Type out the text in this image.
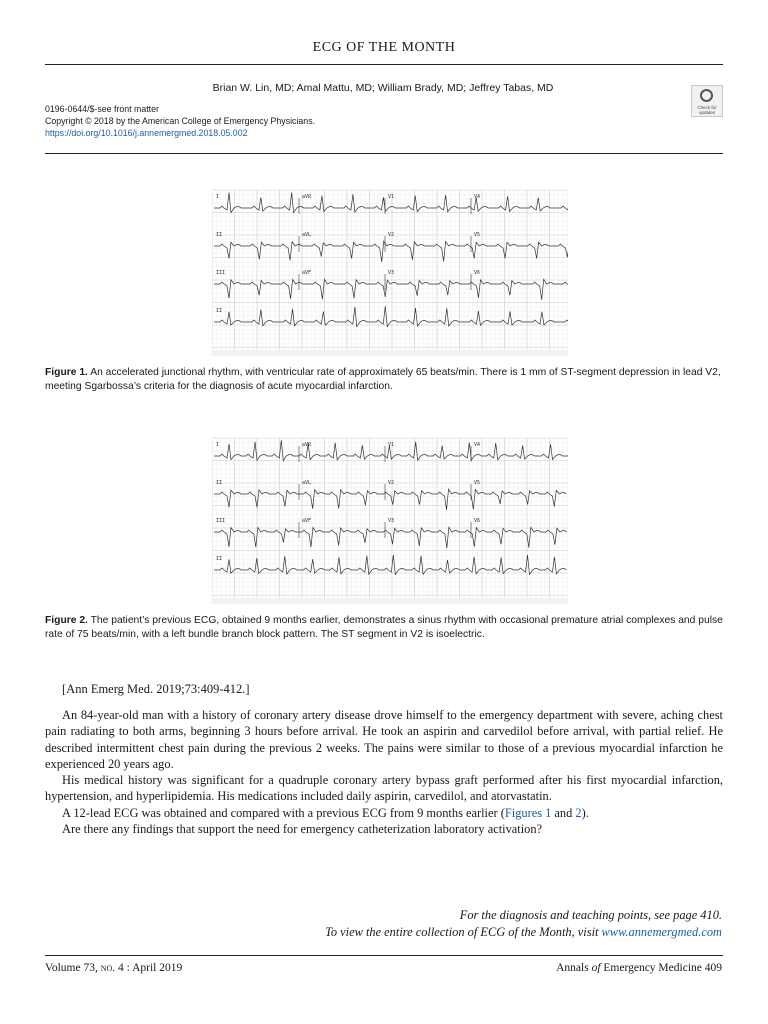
ECG OF THE MONTH
Brian W. Lin, MD; Amal Mattu, MD; William Brady, MD; Jeffrey Tabas, MD
0196-0644/$-see front matter
Copyright © 2018 by the American College of Emergency Physicians.
https://doi.org/10.1016/j.annemergmed.2018.05.002
Check for updates
I	aVR	V1	V4
II	aVL	V2	V5
III	aVF	V3	V6
II
Figure 1. An accelerated junctional rhythm, with ventricular rate of approximately 65 beats/min. There is 1 mm of ST-segment depression in lead V2, meeting Sgarbossa’s criteria for the diagnosis of acute myocardial infarction.
I	aVR	V1	V4
II	aVL	V2	V5
III	aVF	V3	V6
II
Figure 2. The patient’s previous ECG, obtained 9 months earlier, demonstrates a sinus rhythm with occasional premature atrial complexes and pulse rate of 75 beats/min, with a left bundle branch block pattern. The ST segment in V2 is isoelectric.
[Ann Emerg Med. 2019;73:409-412.]

An 84-year-old man with a history of coronary artery disease drove himself to the emergency department with severe, aching chest pain radiating to both arms, beginning 3 hours before arrival. He took an aspirin and carvedilol before arrival, with partial relief. He described intermittent chest pain during the previous 2 weeks. The pains were similar to those of a previous myocardial infarction he experienced 20 years ago.

His medical history was significant for a quadruple coronary artery bypass graft performed after his first myocardial infarction, hypertension, and hyperlipidemia. His medications included daily aspirin, carvedilol, and atorvastatin.

A 12-lead ECG was obtained and compared with a previous ECG from 9 months earlier (Figures 1 and 2).

Are there any findings that support the need for emergency catheterization laboratory activation?

For the diagnosis and teaching points, see page 410.
To view the entire collection of ECG of the Month, visit www.annemergmed.com
Volume 73, no. 4 : April 2019	Annals of Emergency Medicine 409
